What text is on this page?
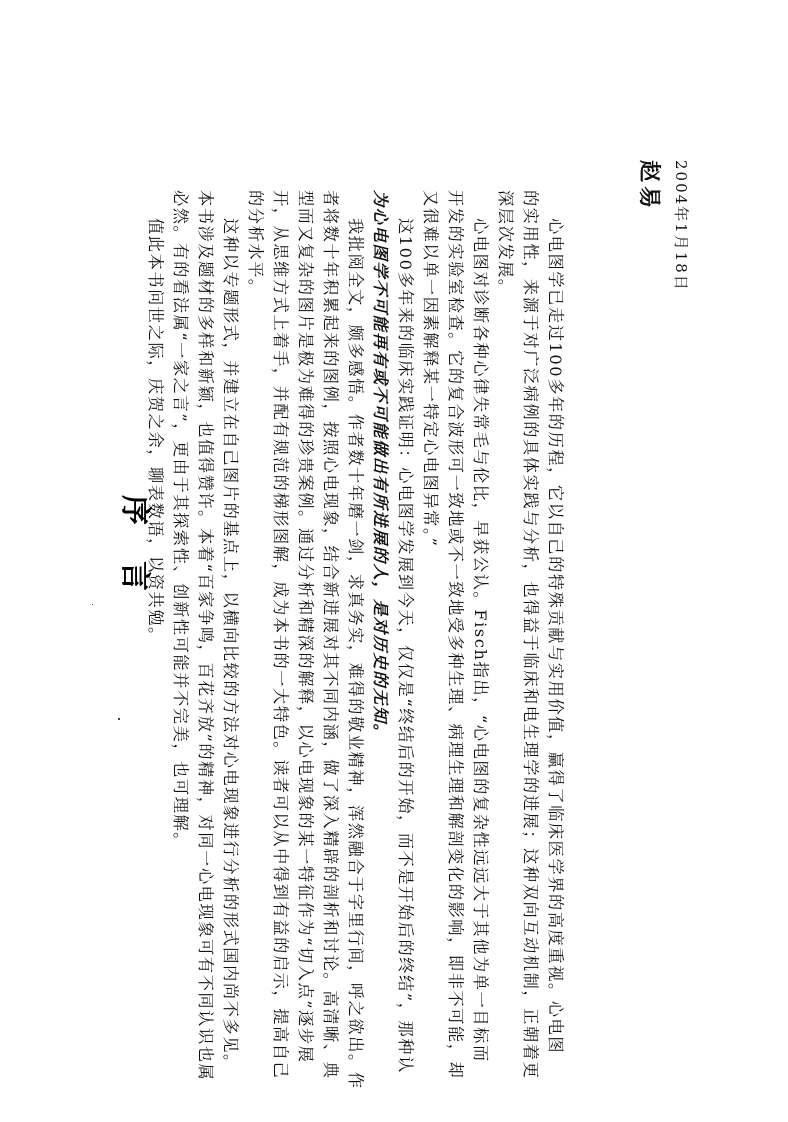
序言	心电图学已走过100多年的历程，它以自己的特殊贡献与实用价值，赢得了临床医学界的高度重视。心电图
的实用性，来源于对广泛病例的具体实践与分析，也得益于临床和电生理学的进展；这种双向互动机制，正朝着更
深层次发展。
心电图对诊断各种心律失常毛与伦比，早获公认。Fisch指出，“心电图的复杂性远远大于其他为单一目标而
开发的实验室检查。它的复合波形可一致地或不一致地受多种生理、病理生理和解剖变化的影响，即非不可能，却
又很难以单一因素解释某一特定心电图异常。”
这100多年来的临床实践证明：心电图学发展到今天，仅仅是“终结后的开始，而不是开始后的终结”，那种认
为心电图学不可能再有或不可能做出有所进展的人，是对历史的无知。
我批阅全文，颇多感悟。作者数十年磨一剑，求真务实，难得的敬业精神，浑然融合于字里行间，呼之欲出。作
者将数十年积累起来的图例，按照心电现象，结合新进展对其不同内涵，做了深入精辟的剖析和讨论。高清晰、典
型而又复杂的图片是极为难得的珍贵案例。通过分析和精深的解释，以心电现象的某一特征作为“切入点”逐步展
开，从思维方式上着手，并配有规范的梯形图解，成为本书的一大特色。读者可以从中得到有益的启示，提高自己
的分析水平。
这种以专题形式，并建立在自己图片的基点上，以横向比较的方法对心电现象进行分析的形式国内尚不多见。
本书涉及题材的多样和新颖，也值得赞许。本着“百家争鸣，百花齐放”的精神，对同一心电现象可有不同认识也属
必然。有的看法属“一家之言”，更由于其探索性、创新性可能并不完美，也可理解。
值此本书问世之际，庆贺之余，聊表数语，以资共勉。
赵易 2004年1月18日
